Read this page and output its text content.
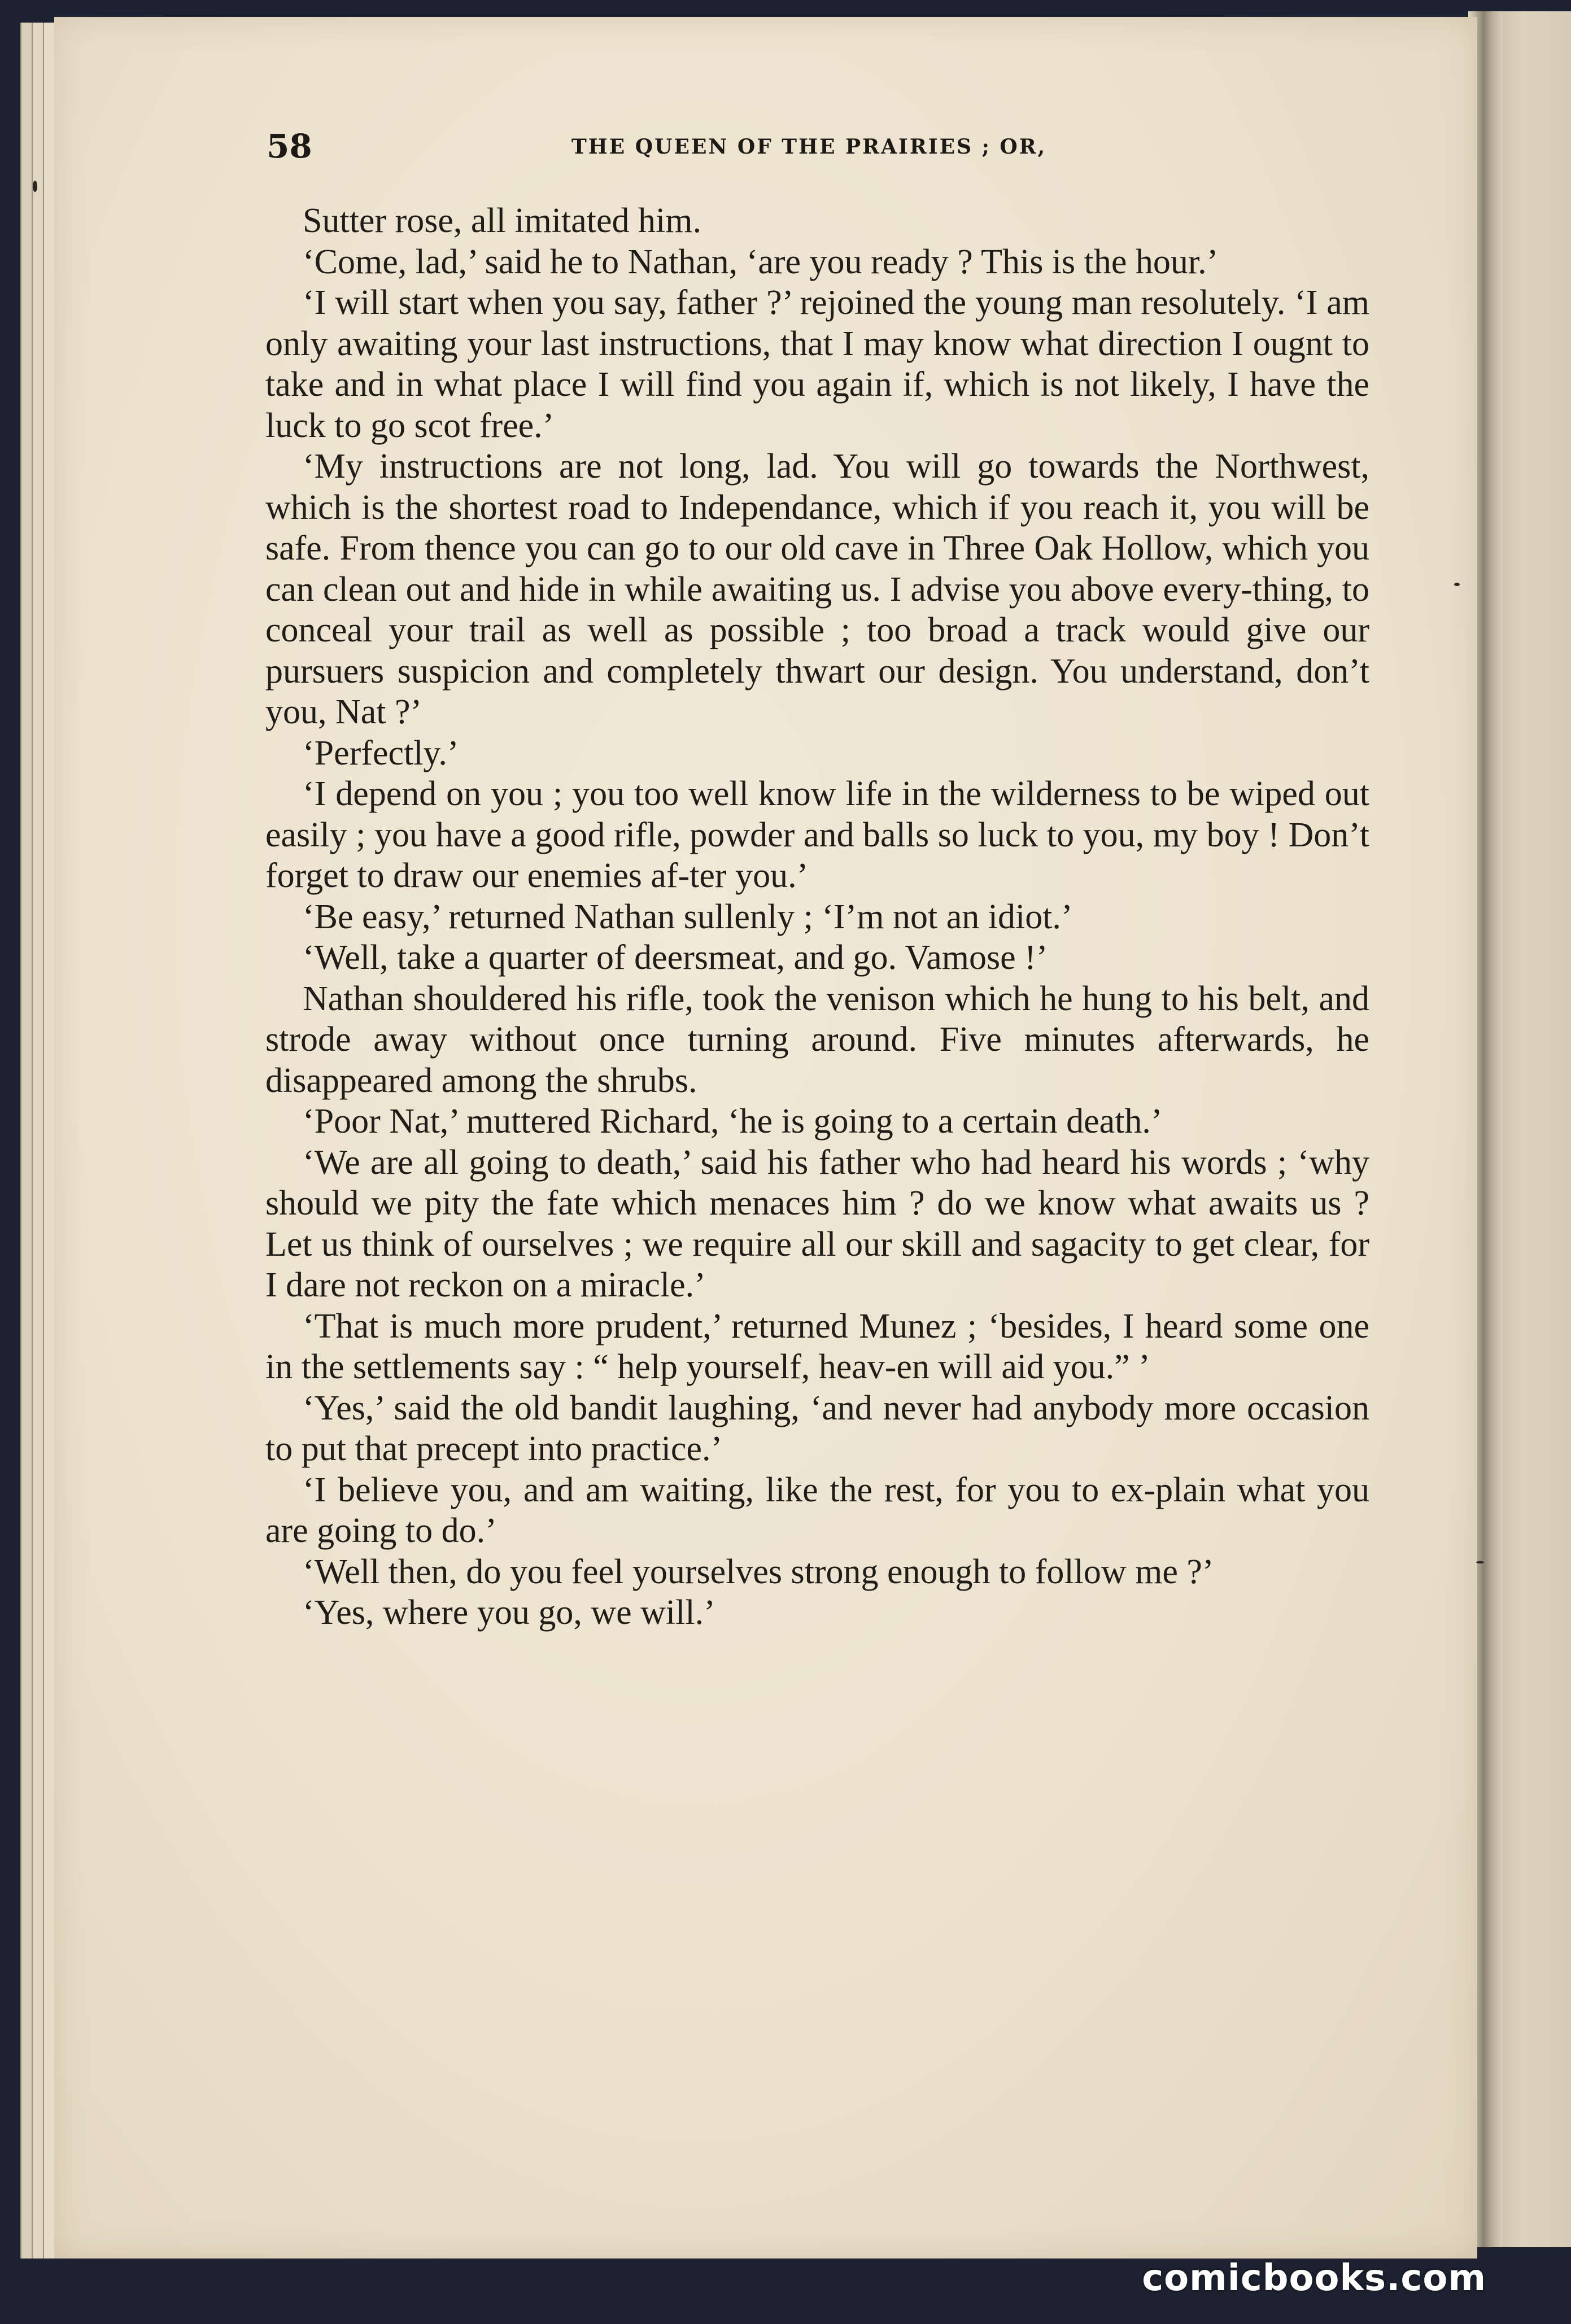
58	THE QUEEN OF THE PRAIRIES ; OR,

Sutter rose, all imitated him.

‘Come, lad,’ said he to Nathan, ‘are you ready ? This is the hour.’

‘I will start when you say, father ?’ rejoined the young man resolutely. ‘I am only awaiting your last instructions, that I may know what direction I ougnt to take and in what place I will find you again if, which is not likely, I have the luck to go scot free.’

‘My instructions are not long, lad. You will go towards the Northwest, which is the shortest road to Independance, which if you reach it, you will be safe. From thence you can go to our old cave in Three Oak Hollow, which you can clean out and hide in while awaiting us. I advise you above every-thing, to conceal your trail as well as possible ; too broad a track would give our pursuers suspicion and completely thwart our design. You understand, don’t you, Nat ?’

‘Perfectly.’

‘I depend on you ; you too well know life in the wilderness to be wiped out easily ; you have a good rifle, powder and balls so luck to you, my boy ! Don’t forget to draw our enemies af-ter you.’

‘Be easy,’ returned Nathan sullenly ; ‘I’m not an idiot.’

‘Well, take a quarter of deersmeat, and go. Vamose !’

Nathan shouldered his rifle, took the venison which he hung to his belt, and strode away without once turning around. Five minutes afterwards, he disappeared among the shrubs.

‘Poor Nat,’ muttered Richard, ‘he is going to a certain death.’

‘We are all going to death,’ said his father who had heard his words ; ‘why should we pity the fate which menaces him ? do we know what awaits us ? Let us think of ourselves ; we require all our skill and sagacity to get clear, for I dare not reckon on a miracle.’

‘That is much more prudent,’ returned Munez ; ‘besides, I heard some one in the settlements say : “ help yourself, heav-en will aid you.” ’

‘Yes,’ said the old bandit laughing, ‘and never had anybody more occasion to put that precept into practice.’

‘I believe you, and am waiting, like the rest, for you to ex-plain what you are going to do.’

‘Well then, do you feel yourselves strong enough to follow me ?’

‘Yes, where you go, we will.’

comicbooks.com
